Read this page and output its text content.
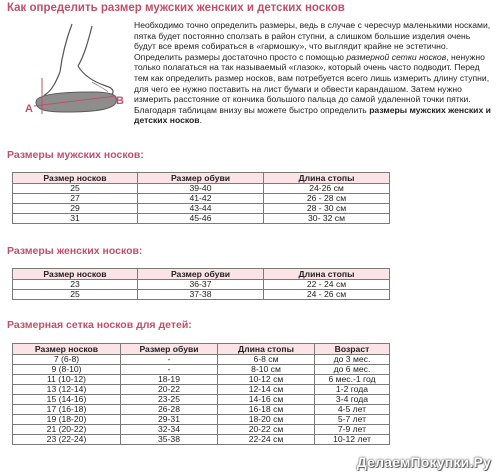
Как определить размер мужских женских и детских носков
A
B

Необходимо точно определить размеры, ведь в случае с чересчур маленькими носками, пятка будет постоянно сползать в район ступни, а слишком большие изделия очень будут все время собираться в «гармошку», что выглядит крайне не эстетично. Определить размеры достаточно просто с помощью размерной сетки носков, ненужно только полагаться на так называемый «глазок», который очень часто подводит. Перед тем как определить размер носков, вам потребуется всего лишь измерить длину ступни, для чего ее нужно поставить на лист бумаги и обвести карандашом. Затем нужно измерить расстояние от кончика большого пальца до самой удаленной точки пятки. Благодаря таблицам внизу вы можете быстро определить размеры мужских женских и детских носков.

Размеры мужских носков:
Размер носков	Размер обуви	Длина стопы
25	39-40	24-26 см
27	41-42	26 - 28 см
29	43-44	28 - 30 см
31	45-46	30- 32 см
Размеры женских носков:
Размер носков	Размер обуви	Длина стопы
23	36-37	22 - 24 см
25	37-38	24 - 26 см
Размерная сетка носков для детей:
Размер носков	Размер обуви	Длина стопы	Возраст
7 (6-8)	-	6-8 см	до 3 мес.
9 (8-10)	-	8-10 см	до 6 мес.
11 (10-12)	18-19	10-12 см	6 мес.-1 год
13 (12-14)	20-22	12-14 см	1-2 года
15 (14-16)	23-25	14-16 см	3-4 года
17 (16-18)	26-28	16-18 см	4-5 лет
19 (18-20)	29-31	18-20 см	5-7 лет
21 (20-22)	32-34	20-22 см	7-9 лет
23 (22-24)	35-38	22-24 см	10-12 лет
ДелаемПокупки.Ру
